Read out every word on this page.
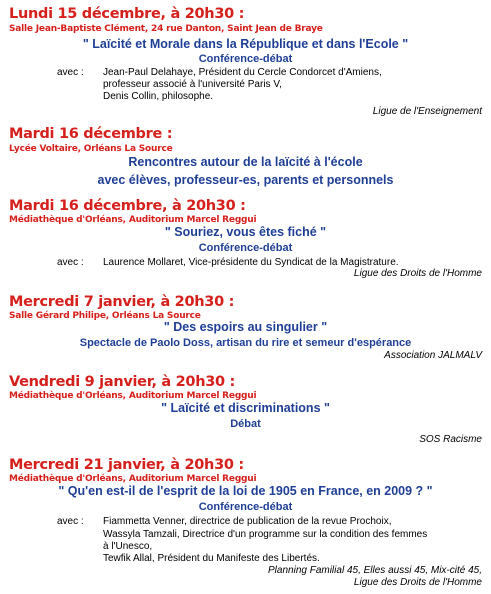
Lundi 15 décembre, à 20h30 :
Salle Jean-Baptiste Clément, 24 rue Danton, Saint Jean de Braye
" Laïcité et Morale dans la République et dans l'Ecole "
Conférence-débat
avec : Jean-Paul Delahaye, Président du Cercle Condorcet d'Amiens,
professeur associé à l'université Paris V,
Denis Collin, philosophe.
Ligue de l'Enseignement
Mardi 16 décembre :
Lycée Voltaire, Orléans La Source
Rencontres autour de la laïcité à l'école
avec élèves, professeur-es, parents et personnels
Mardi 16 décembre, à 20h30 :
Médiathèque d'Orléans, Auditorium Marcel Reggui
" Souriez, vous êtes fiché "
Conférence-débat
avec : Laurence Mollaret, Vice-présidente du Syndicat de la Magistrature.
Ligue des Droits de l'Homme
Mercredi 7 janvier, à 20h30 :
Salle Gérard Philipe, Orléans La Source
" Des espoirs au singulier "
Spectacle de Paolo Doss, artisan du rire et semeur d'espérance
Association JALMALV
Vendredi 9 janvier, à 20h30 :
Médiathèque d'Orléans, Auditorium Marcel Reggui
" Laïcité et discriminations "
Débat
SOS Racisme
Mercredi 21 janvier, à 20h30 :
Médiathèque d'Orléans, Auditorium Marcel Reggui
" Qu'en est-il de l'esprit de la loi de 1905 en France, en 2009 ? "
Conférence-débat
avec : Fiammetta Venner, directrice de publication de la revue Prochoix,
Wassyla Tamzali, Directrice d'un programme sur la condition des femmes
à l'Unesco,
Tewfik Allal, Président du Manifeste des Libertés.
Planning Familial 45, Elles aussi 45, Mix-cité 45,
Ligue des Droits de l'Homme
